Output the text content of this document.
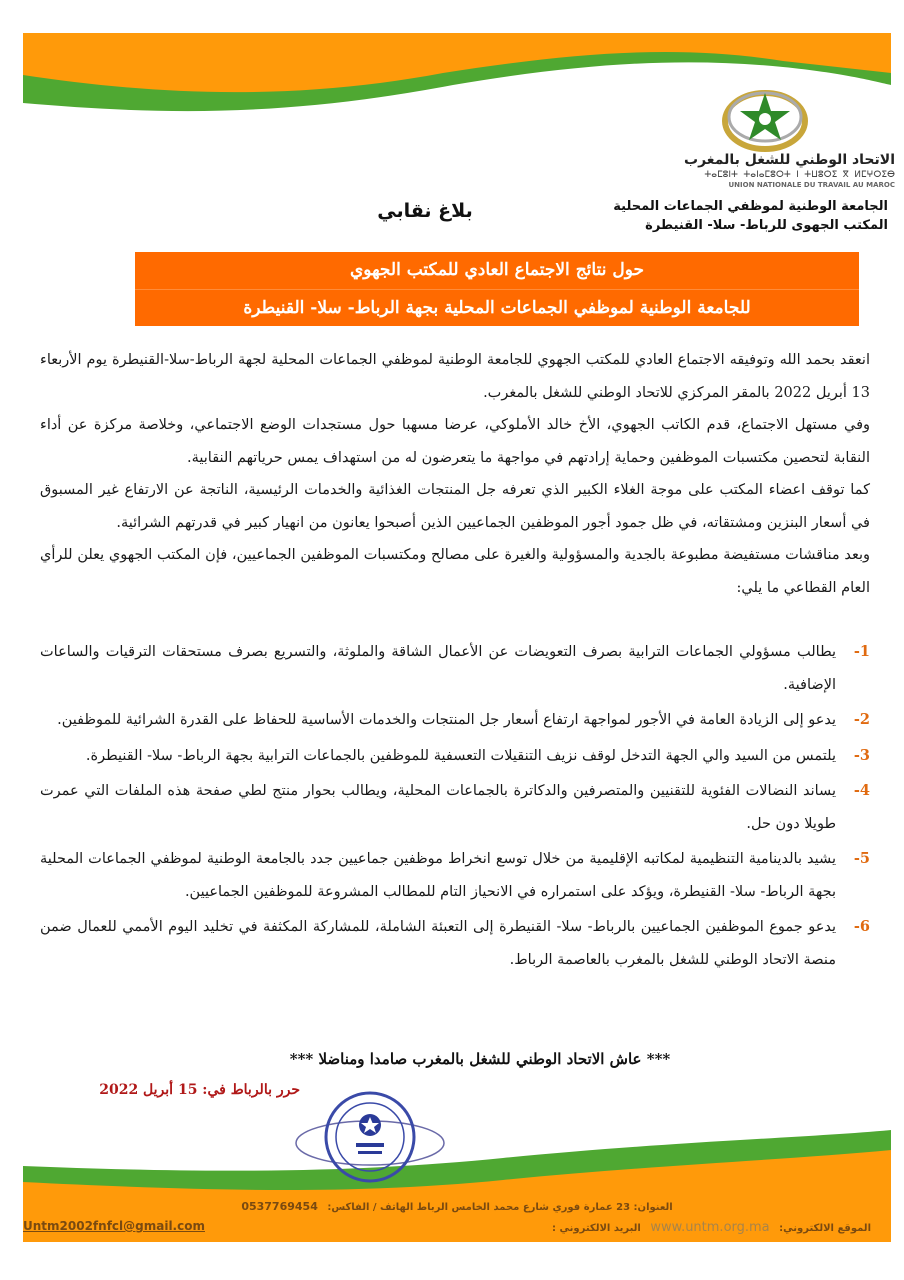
الاتحاد الوطني للشغل بالمغرب
ⵜⴰⵎⵓⵏⵜ ⵜⴰⵏⴰⵎⵓⵔⵜ ⵏ ⵜⵡⵓⵔⵉ ⴳ ⵍⵎⵖⵔⵉⴱ
UNION NATIONALE DU TRAVAIL AU MAROC
الجامعة الوطنية لموظفي الجماعات المحلية
المكتب الجهوى للرباط- سلا- القنيطرة
بلاغ نقابي
حول نتائج الاجتماع العادي للمكتب الجهوي
للجامعة الوطنية لموظفي الجماعات المحلية بجهة الرباط- سلا- القنيطرة

انعقد بحمد الله وتوفيقه الاجتماع العادي للمكتب الجهوي للجامعة الوطنية لموظفي الجماعات المحلية لجهة الرباط-سلا-القنيطرة يوم الأربعاء 13 أبريل 2022 بالمقر المركزي للاتحاد الوطني للشغل بالمغرب.

وفي مستهل الاجتماع، قدم الكاتب الجهوي، الأخ خالد الأملوكي، عرضا مسهبا حول مستجدات الوضع الاجتماعي، وخلاصة مركزة عن أداء النقابة لتحصين مكتسبات الموظفين وحماية إرادتهم في مواجهة ما يتعرضون له من استهداف يمس حرياتهم النقابية.

كما توقف اعضاء المكتب على موجة الغلاء الكبير الذي تعرفه جل المنتجات الغذائية والخدمات الرئيسية، الناتجة عن الارتفاع غير المسبوق في أسعار البنزين ومشتقاته، في ظل جمود أجور الموظفين الجماعيين الذين أصبحوا يعانون من انهيار كبير في قدرتهم الشرائية.

وبعد مناقشات مستفيضة مطبوعة بالجدية والمسؤولية والغيرة على مصالح ومكتسبات الموظفين الجماعيين، فإن المكتب الجهوي يعلن للرأي العام القطاعي ما يلي:

-1
يطالب مسؤولي الجماعات الترابية بصرف التعويضات عن الأعمال الشاقة والملوثة، والتسريع بصرف مستحقات الترقيات والساعات الإضافية.
-2
يدعو إلى الزيادة العامة في الأجور لمواجهة ارتفاع أسعار جل المنتجات والخدمات الأساسية للحفاظ على القدرة الشرائية للموظفين.
-3
يلتمس من السيد والي الجهة التدخل لوقف نزيف التنقيلات التعسفية للموظفين بالجماعات الترابية بجهة الرباط- سلا- القنيطرة.
-4
يساند النضالات الفئوية للتقنيين والمتصرفين والدكاترة بالجماعات المحلية، ويطالب بحوار منتج لطي صفحة هذه الملفات التي عمرت طويلا دون حل.
-5
يشيد بالدينامية التنظيمية لمكاتبه الإقليمية من خلال توسع انخراط موظفين جماعيين جدد بالجامعة الوطنية لموظفي الجماعات المحلية بجهة الرباط- سلا- القنيطرة، ويؤكد على استمراره في الانحياز التام للمطالب المشروعة للموظفين الجماعيين.
-6
يدعو جموع الموظفين الجماعيين بالرباط- سلا- القنيطرة إلى التعبئة الشاملة، للمشاركة المكثفة في تخليد اليوم الأممي للعمال ضمن منصة الاتحاد الوطني للشغل بالمغرب بالعاصمة الرباط.
*** عاش الاتحاد الوطني للشغل بالمغرب صامدا ومناضلا ***
حرر بالرباط في: 15 أبريل 2022
العنوان: 23 عمارة فوري شارع محمد الخامس الرباط الهاتف / الفاكس: 0537769454
الموقع الالكتروني: www.untm.org.ma البريد الالكتروني :
Untm2002fnfcl@gmail.com
